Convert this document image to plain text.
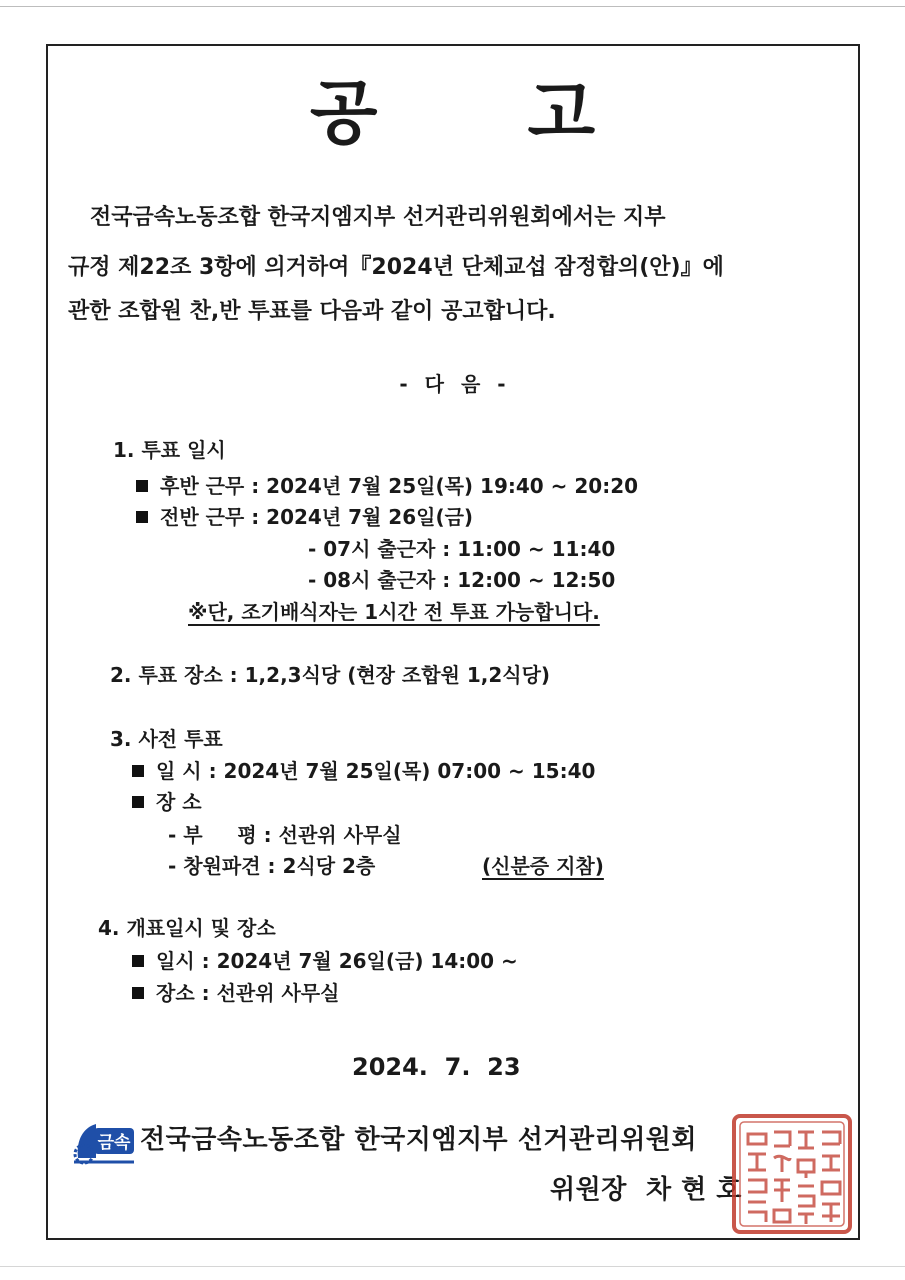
공 고
전국금속노동조합 한국지엠지부 선거관리위원회에서는 지부
규정 제22조 3항에 의거하여『2024년 단체교섭 잠정합의(안)』에
관한 조합원 찬,반 투표를 다음과 같이 공고합니다.
- 다 음 -
1. 투표 일시
후반 근무 : 2024년 7월 25일(목) 19:40 ~ 20:20
전반 근무 : 2024년 7월 26일(금)
- 07시 출근자 : 11:00 ~ 11:40
- 08시 출근자 : 12:00 ~ 12:50
※단, 조기배식자는 1시간 전 투표 가능합니다.
2. 투표 장소 : 1,2,3식당 (현장 조합원 1,2식당)
3. 사전 투표
일 시 : 2024년 7월 25일(목) 07:00 ~ 15:40
장 소
- 부     평 : 선관위 사무실
- 창원파견 : 2식당 2층	(신분증 지참)
4. 개표일시 및 장소
일시 : 2024년 7월 26일(금) 14:00 ~
장소 : 선관위 사무실
2024.  7.  23
금속 전국금속노동조합 한국지엠지부 선거관리위원회
위원장  차 현 호
